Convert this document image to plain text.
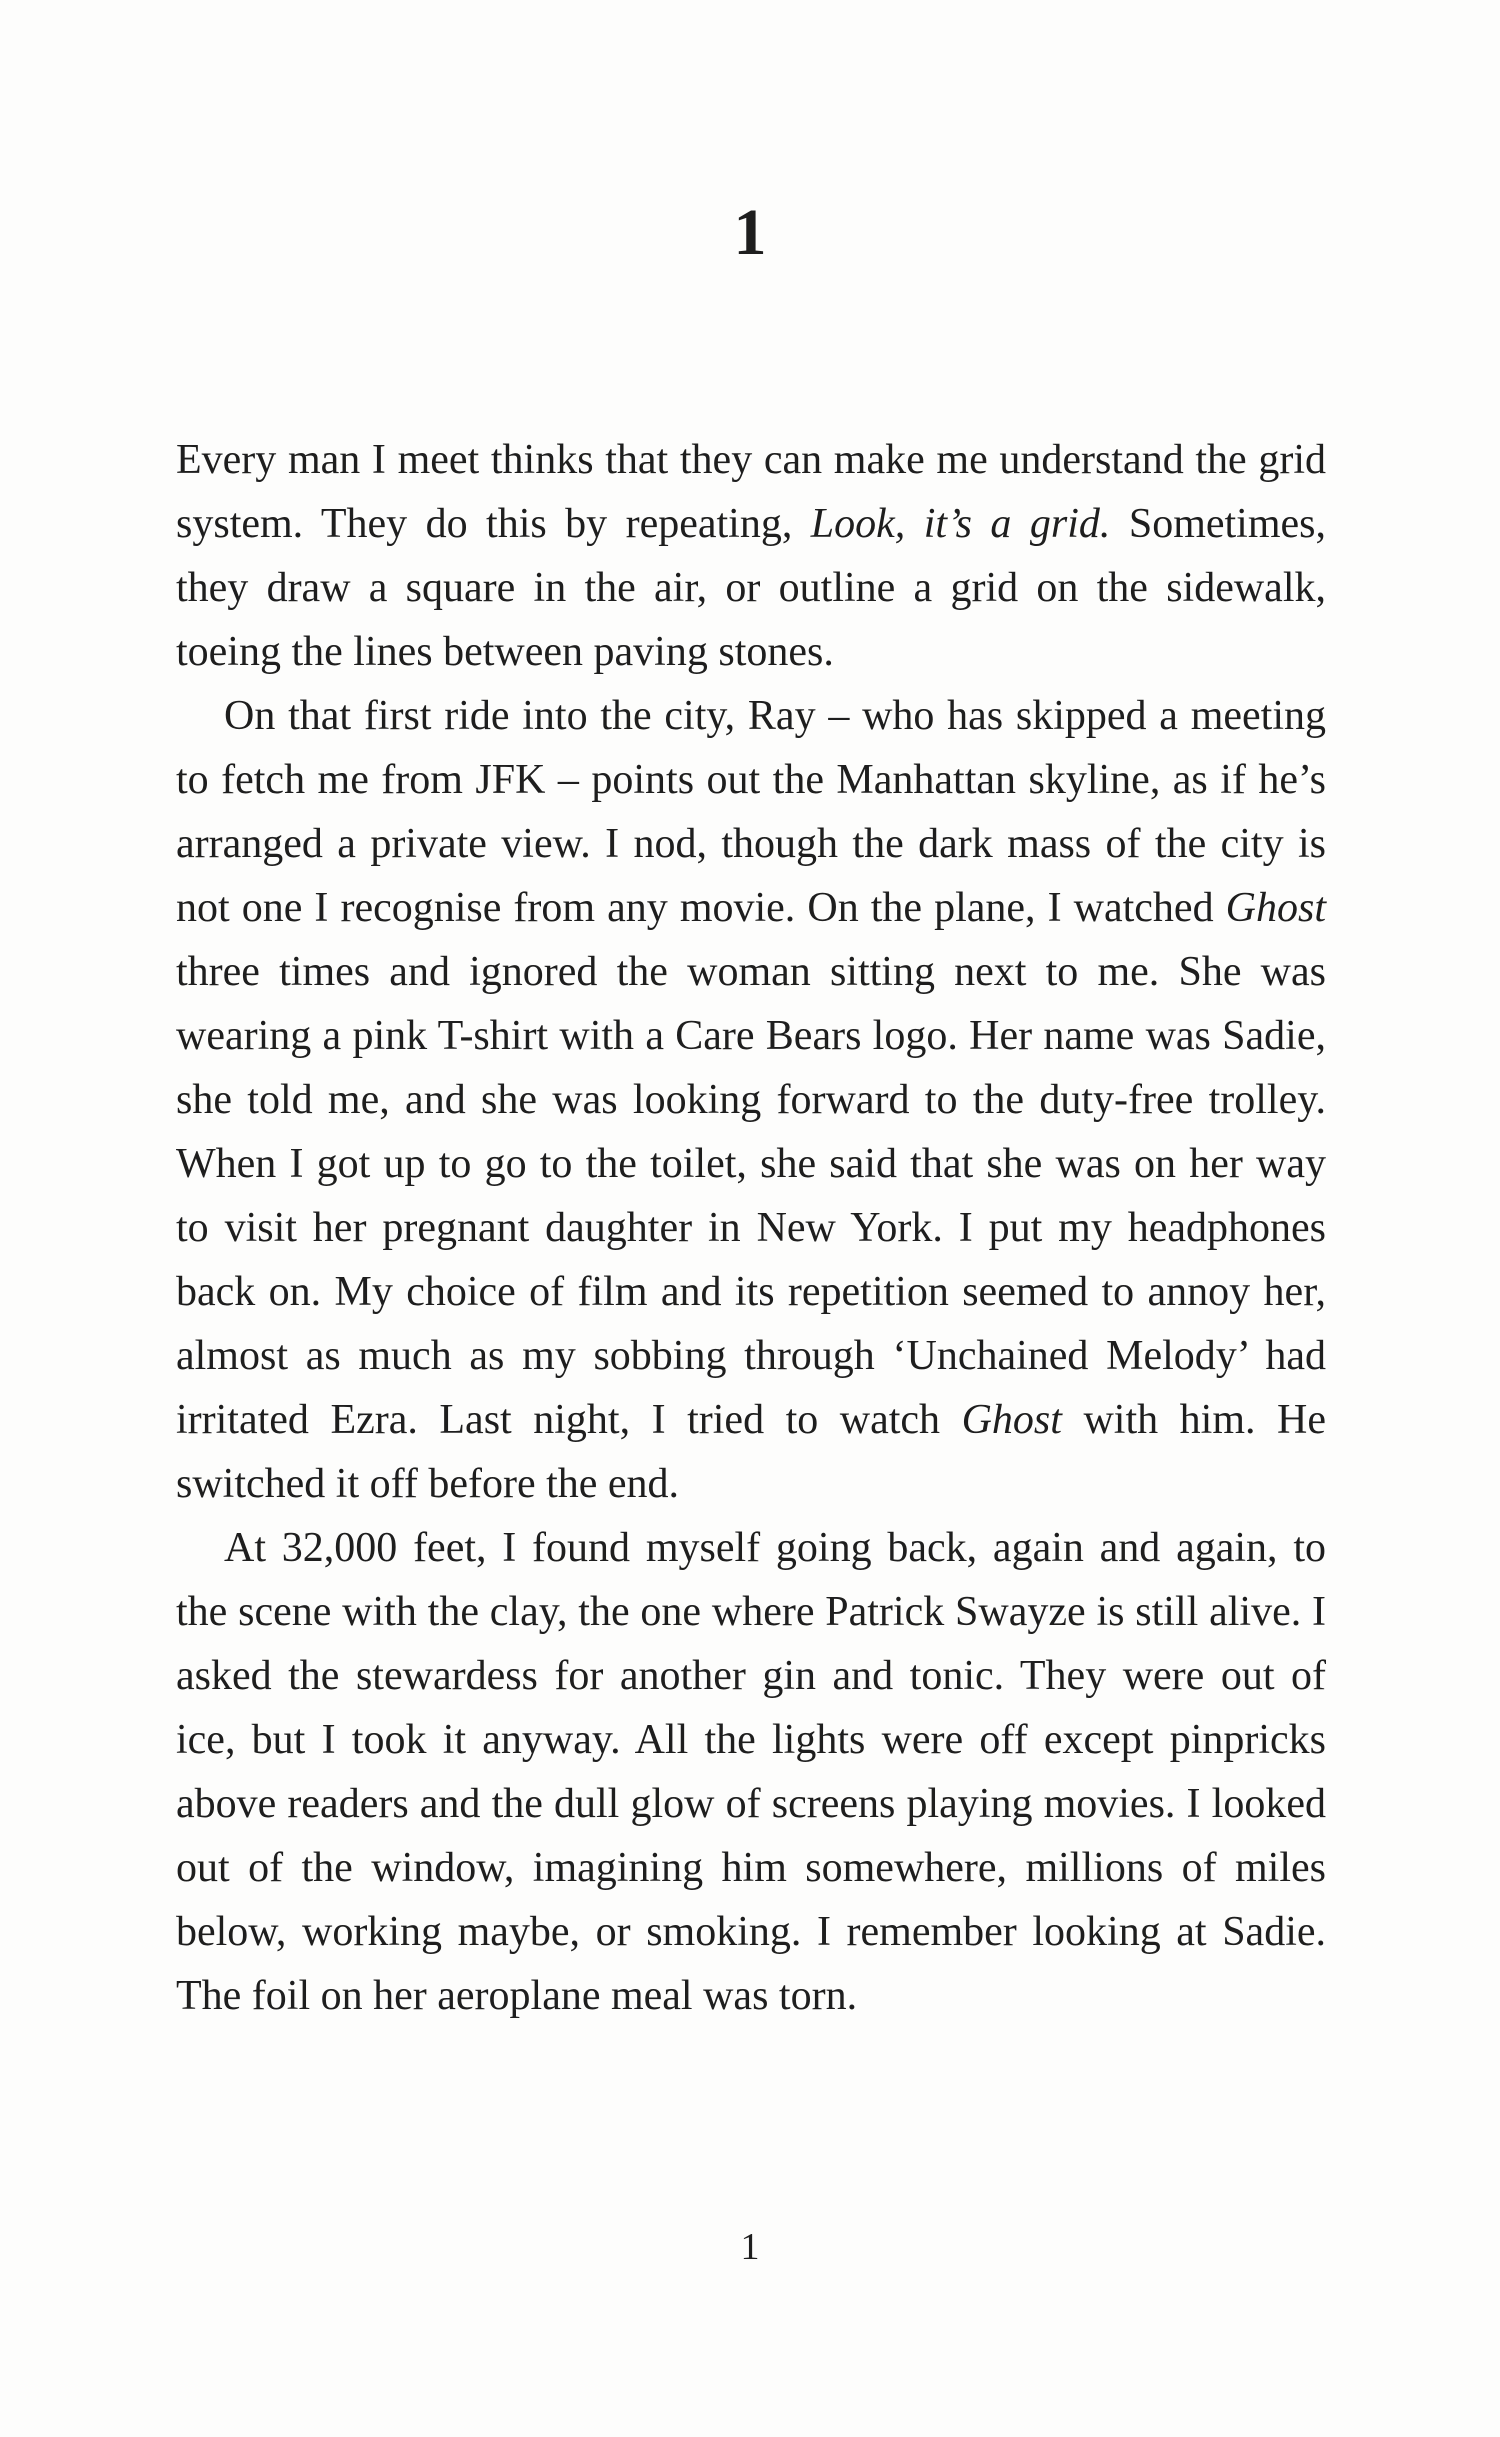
1

Every man I meet thinks that they can make me understand the grid system. They do this by repeating, Look, it’s a grid. Sometimes, they draw a square in the air, or outline a grid on the sidewalk, toeing the lines between paving stones.

On that first ride into the city, Ray – who has skipped a meeting to fetch me from JFK – points out the Manhattan skyline, as if he’s arranged a private view. I nod, though the dark mass of the city is not one I recognise from any movie. On the plane, I watched Ghost three times and ignored the woman sitting next to me. She was wearing a pink T-shirt with a Care Bears logo. Her name was Sadie, she told me, and she was looking forward to the duty-free trolley. When I got up to go to the toilet, she said that she was on her way to visit her pregnant daughter in New York. I put my headphones back on. My choice of film and its repetition seemed to annoy her, almost as much as my sobbing through ‘Unchained Melody’ had irritated Ezra. Last night, I tried to watch Ghost with him. He switched it off before the end.

At 32,000 feet, I found myself going back, again and again, to the scene with the clay, the one where Patrick Swayze is still alive. I asked the stewardess for another gin and tonic. They were out of ice, but I took it anyway. All the lights were off except pinpricks above readers and the dull glow of screens playing movies. I looked out of the window, imagining him somewhere, millions of miles below, working maybe, or smoking. I remember looking at Sadie. The foil on her aeroplane meal was torn.

1
